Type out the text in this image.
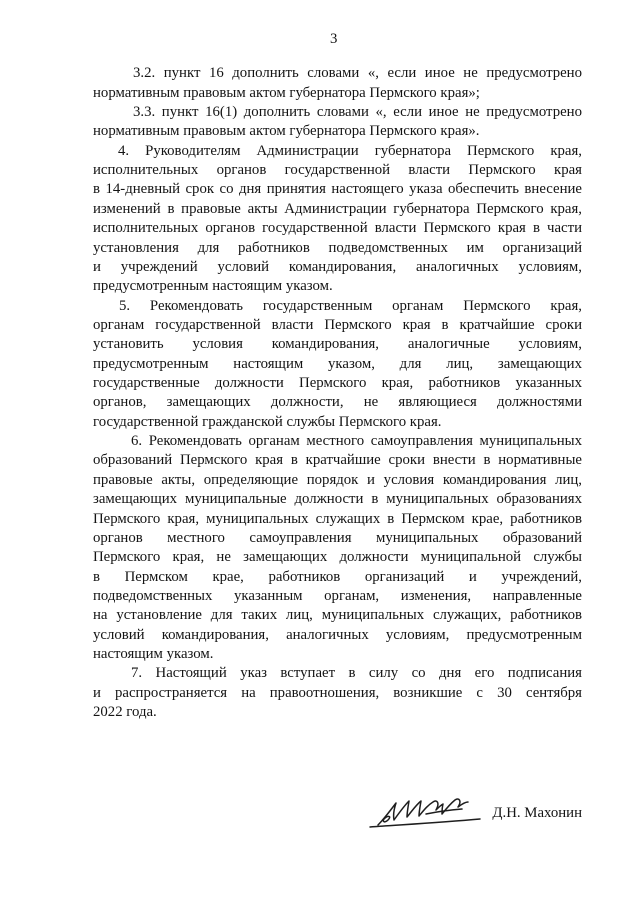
3
3.2. пункт 16 дополнить словами «, если иное не предусмотрено
нормативным правовым актом губернатора Пермского края»;
3.3. пункт 16(1) дополнить словами «, если иное не предусмотрено
нормативным правовым актом губернатора Пермского края».
4. Руководителям Администрации губернатора Пермского края,
исполнительных органов государственной власти Пермского края
в 14-дневный срок со дня принятия настоящего указа обеспечить внесение
изменений в правовые акты Администрации губернатора Пермского края,
исполнительных органов государственной власти Пермского края в части
установления для работников подведомственных им организаций
и учреждений условий командирования, аналогичных условиям,
предусмотренным настоящим указом.
5. Рекомендовать государственным органам Пермского края,
органам государственной власти Пермского края в кратчайшие сроки
установить условия командирования, аналогичные условиям,
предусмотренным настоящим указом, для лиц, замещающих
государственные должности Пермского края, работников указанных
органов, замещающих должности, не являющиеся должностями
государственной гражданской службы Пермского края.
6. Рекомендовать органам местного самоуправления муниципальных
образований Пермского края в кратчайшие сроки внести в нормативные
правовые акты, определяющие порядок и условия командирования лиц,
замещающих муниципальные должности в муниципальных образованиях
Пермского края, муниципальных служащих в Пермском крае, работников
органов местного самоуправления муниципальных образований
Пермского края, не замещающих должности муниципальной службы
в Пермском крае, работников организаций и учреждений,
подведомственных указанным органам, изменения, направленные
на установление для таких лиц, муниципальных служащих, работников
условий командирования, аналогичных условиям, предусмотренным
настоящим указом.
7. Настоящий указ вступает в силу со дня его подписания
и распространяется на правоотношения, возникшие с 30 сентября
2022 года.
Д.Н. Махонин
